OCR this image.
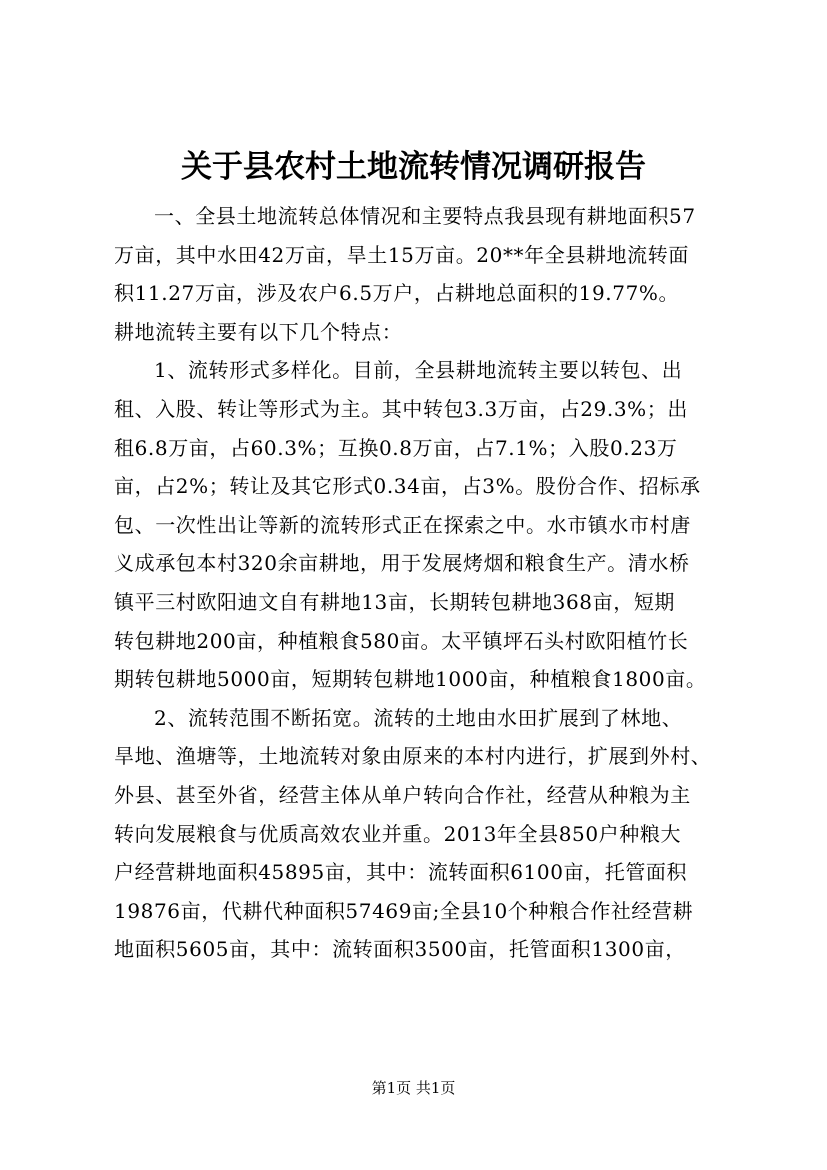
关于县农村土地流转情况调研报告
一、全县土地流转总体情况和主要特点我县现有耕地面积57
万亩，其中水田42万亩，旱土15万亩。20**年全县耕地流转面
积11.27万亩，涉及农户6.5万户，占耕地总面积的19.77%。
耕地流转主要有以下几个特点：
1、流转形式多样化。目前，全县耕地流转主要以转包、出
租、入股、转让等形式为主。其中转包3.3万亩，占29.3%；出
租6.8万亩，占60.3%；互换0.8万亩，占7.1%；入股0.23万
亩，占2%；转让及其它形式0.34亩，占3%。股份合作、招标承
包、一次性出让等新的流转形式正在探索之中。水市镇水市村唐
义成承包本村320余亩耕地，用于发展烤烟和粮食生产。清水桥
镇平三村欧阳迪文自有耕地13亩，长期转包耕地368亩，短期
转包耕地200亩，种植粮食580亩。太平镇坪石头村欧阳植竹长
期转包耕地5000亩，短期转包耕地1000亩，种植粮食1800亩。
2、流转范围不断拓宽。流转的土地由水田扩展到了林地、
旱地、渔塘等，土地流转对象由原来的本村内进行，扩展到外村、
外县、甚至外省，经营主体从单户转向合作社，经营从种粮为主
转向发展粮食与优质高效农业并重。2013年全县850户种粮大
户经营耕地面积45895亩，其中：流转面积6100亩，托管面积
19876亩，代耕代种面积57469亩;全县10个种粮合作社经营耕
地面积5605亩，其中：流转面积3500亩，托管面积1300亩，
第1页 共1页
